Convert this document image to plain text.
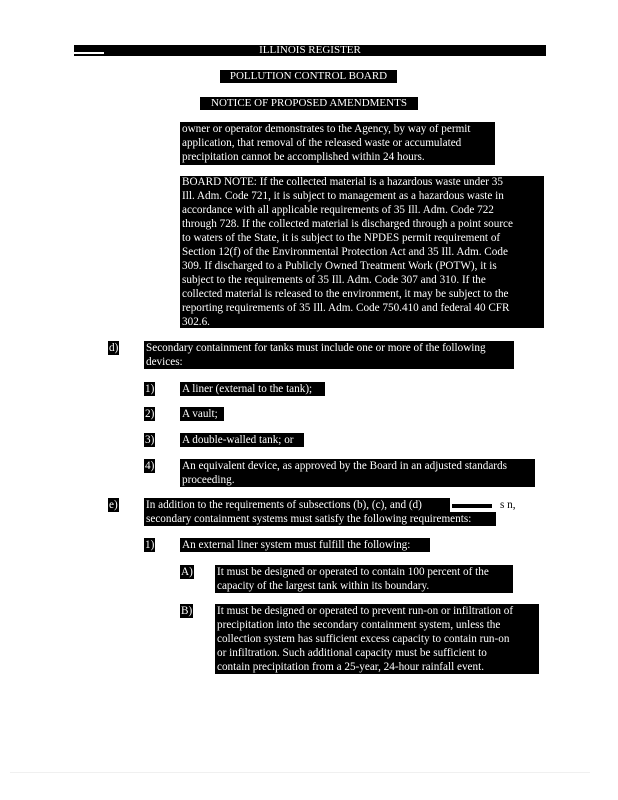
ILLINOIS REGISTER
POLLUTION CONTROL BOARD
NOTICE OF PROPOSED AMENDMENTS
owner or operator demonstrates to the Agency, by way of permit
application, that removal of the released waste or accumulated
precipitation cannot be accomplished within 24 hours.
BOARD NOTE: If the collected material is a hazardous waste under 35
Ill. Adm. Code 721, it is subject to management as a hazardous waste in
accordance with all applicable requirements of 35 Ill. Adm. Code 722
through 728. If the collected material is discharged through a point source
to waters of the State, it is subject to the NPDES permit requirement of
Section 12(f) of the Environmental Protection Act and 35 Ill. Adm. Code
309. If discharged to a Publicly Owned Treatment Work (POTW), it is
subject to the requirements of 35 Ill. Adm. Code 307 and 310. If the
collected material is released to the environment, it may be subject to the
reporting requirements of 35 Ill. Adm. Code 750.410 and federal 40 CFR
302.6.
d) Secondary containment for tanks must include one or more of the following
devices:
1) A liner (external to the tank);
2) A vault;
3) A double-walled tank; or
4) An equivalent device, as approved by the Board in an adjusted standards
proceeding.
e)	In addition to the requirements of subsections (b), (c), and (d)	s n,
secondary containment systems must satisfy the following requirements:
1) An external liner system must fulfill the following:
A) It must be designed or operated to contain 100 percent of the
capacity of the largest tank within its boundary.
B) It must be designed or operated to prevent run-on or infiltration of
precipitation into the secondary containment system, unless the
collection system has sufficient excess capacity to contain run-on
or infiltration. Such additional capacity must be sufficient to
contain precipitation from a 25-year, 24-hour rainfall event.
